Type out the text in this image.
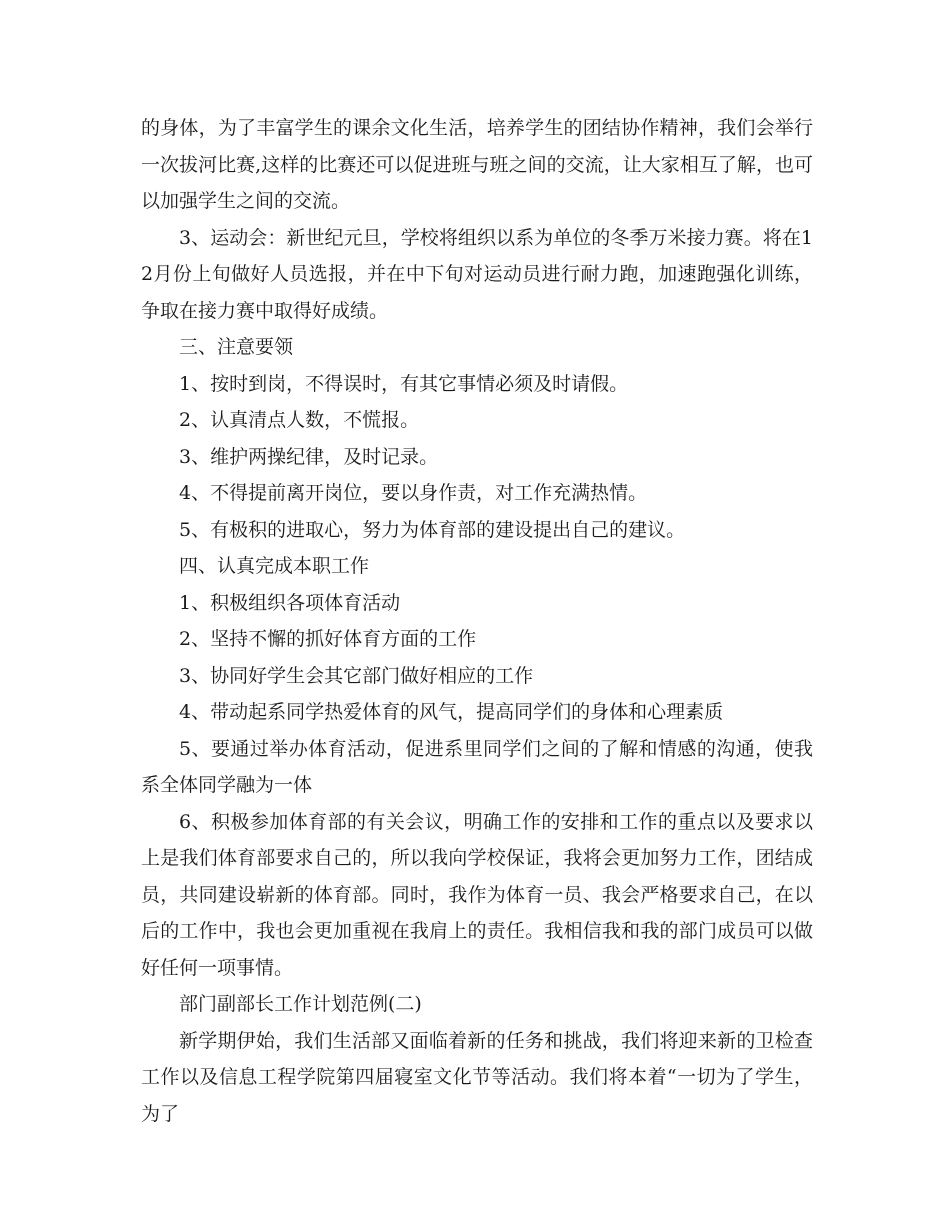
的身体，为了丰富学生的课余文化生活，培养学生的团结协作精神，我们会举行一次拔河比赛,这样的比赛还可以促进班与班之间的交流，让大家相互了解，也可以加强学生之间的交流。

3、运动会：新世纪元旦，学校将组织以系为单位的冬季万米接力赛。将在12月份上旬做好人员选报，并在中下旬对运动员进行耐力跑，加速跑强化训练，争取在接力赛中取得好成绩。

三、注意要领

1、按时到岗，不得误时，有其它事情必须及时请假。

2、认真清点人数，不慌报。

3、维护两操纪律，及时记录。

4、不得提前离开岗位，要以身作责，对工作充满热情。

5、有极积的进取心，努力为体育部的建设提出自己的建议。

四、认真完成本职工作

1、积极组织各项体育活动

2、坚持不懈的抓好体育方面的工作

3、协同好学生会其它部门做好相应的工作

4、带动起系同学热爱体育的风气，提高同学们的身体和心理素质

5、要通过举办体育活动，促进系里同学们之间的了解和情感的沟通，使我系全体同学融为一体

6、积极参加体育部的有关会议，明确工作的安排和工作的重点以及要求以上是我们体育部要求自己的，所以我向学校保证，我将会更加努力工作，团结成员，共同建设崭新的体育部。同时，我作为体育一员、我会严格要求自己，在以后的工作中，我也会更加重视在我肩上的责任。我相信我和我的部门成员可以做好任何一项事情。

部门副部长工作计划范例(二)

新学期伊始，我们生活部又面临着新的任务和挑战，我们将迎来新的卫检查工作以及信息工程学院第四届寝室文化节等活动。我们将本着“一切为了学生，为了
